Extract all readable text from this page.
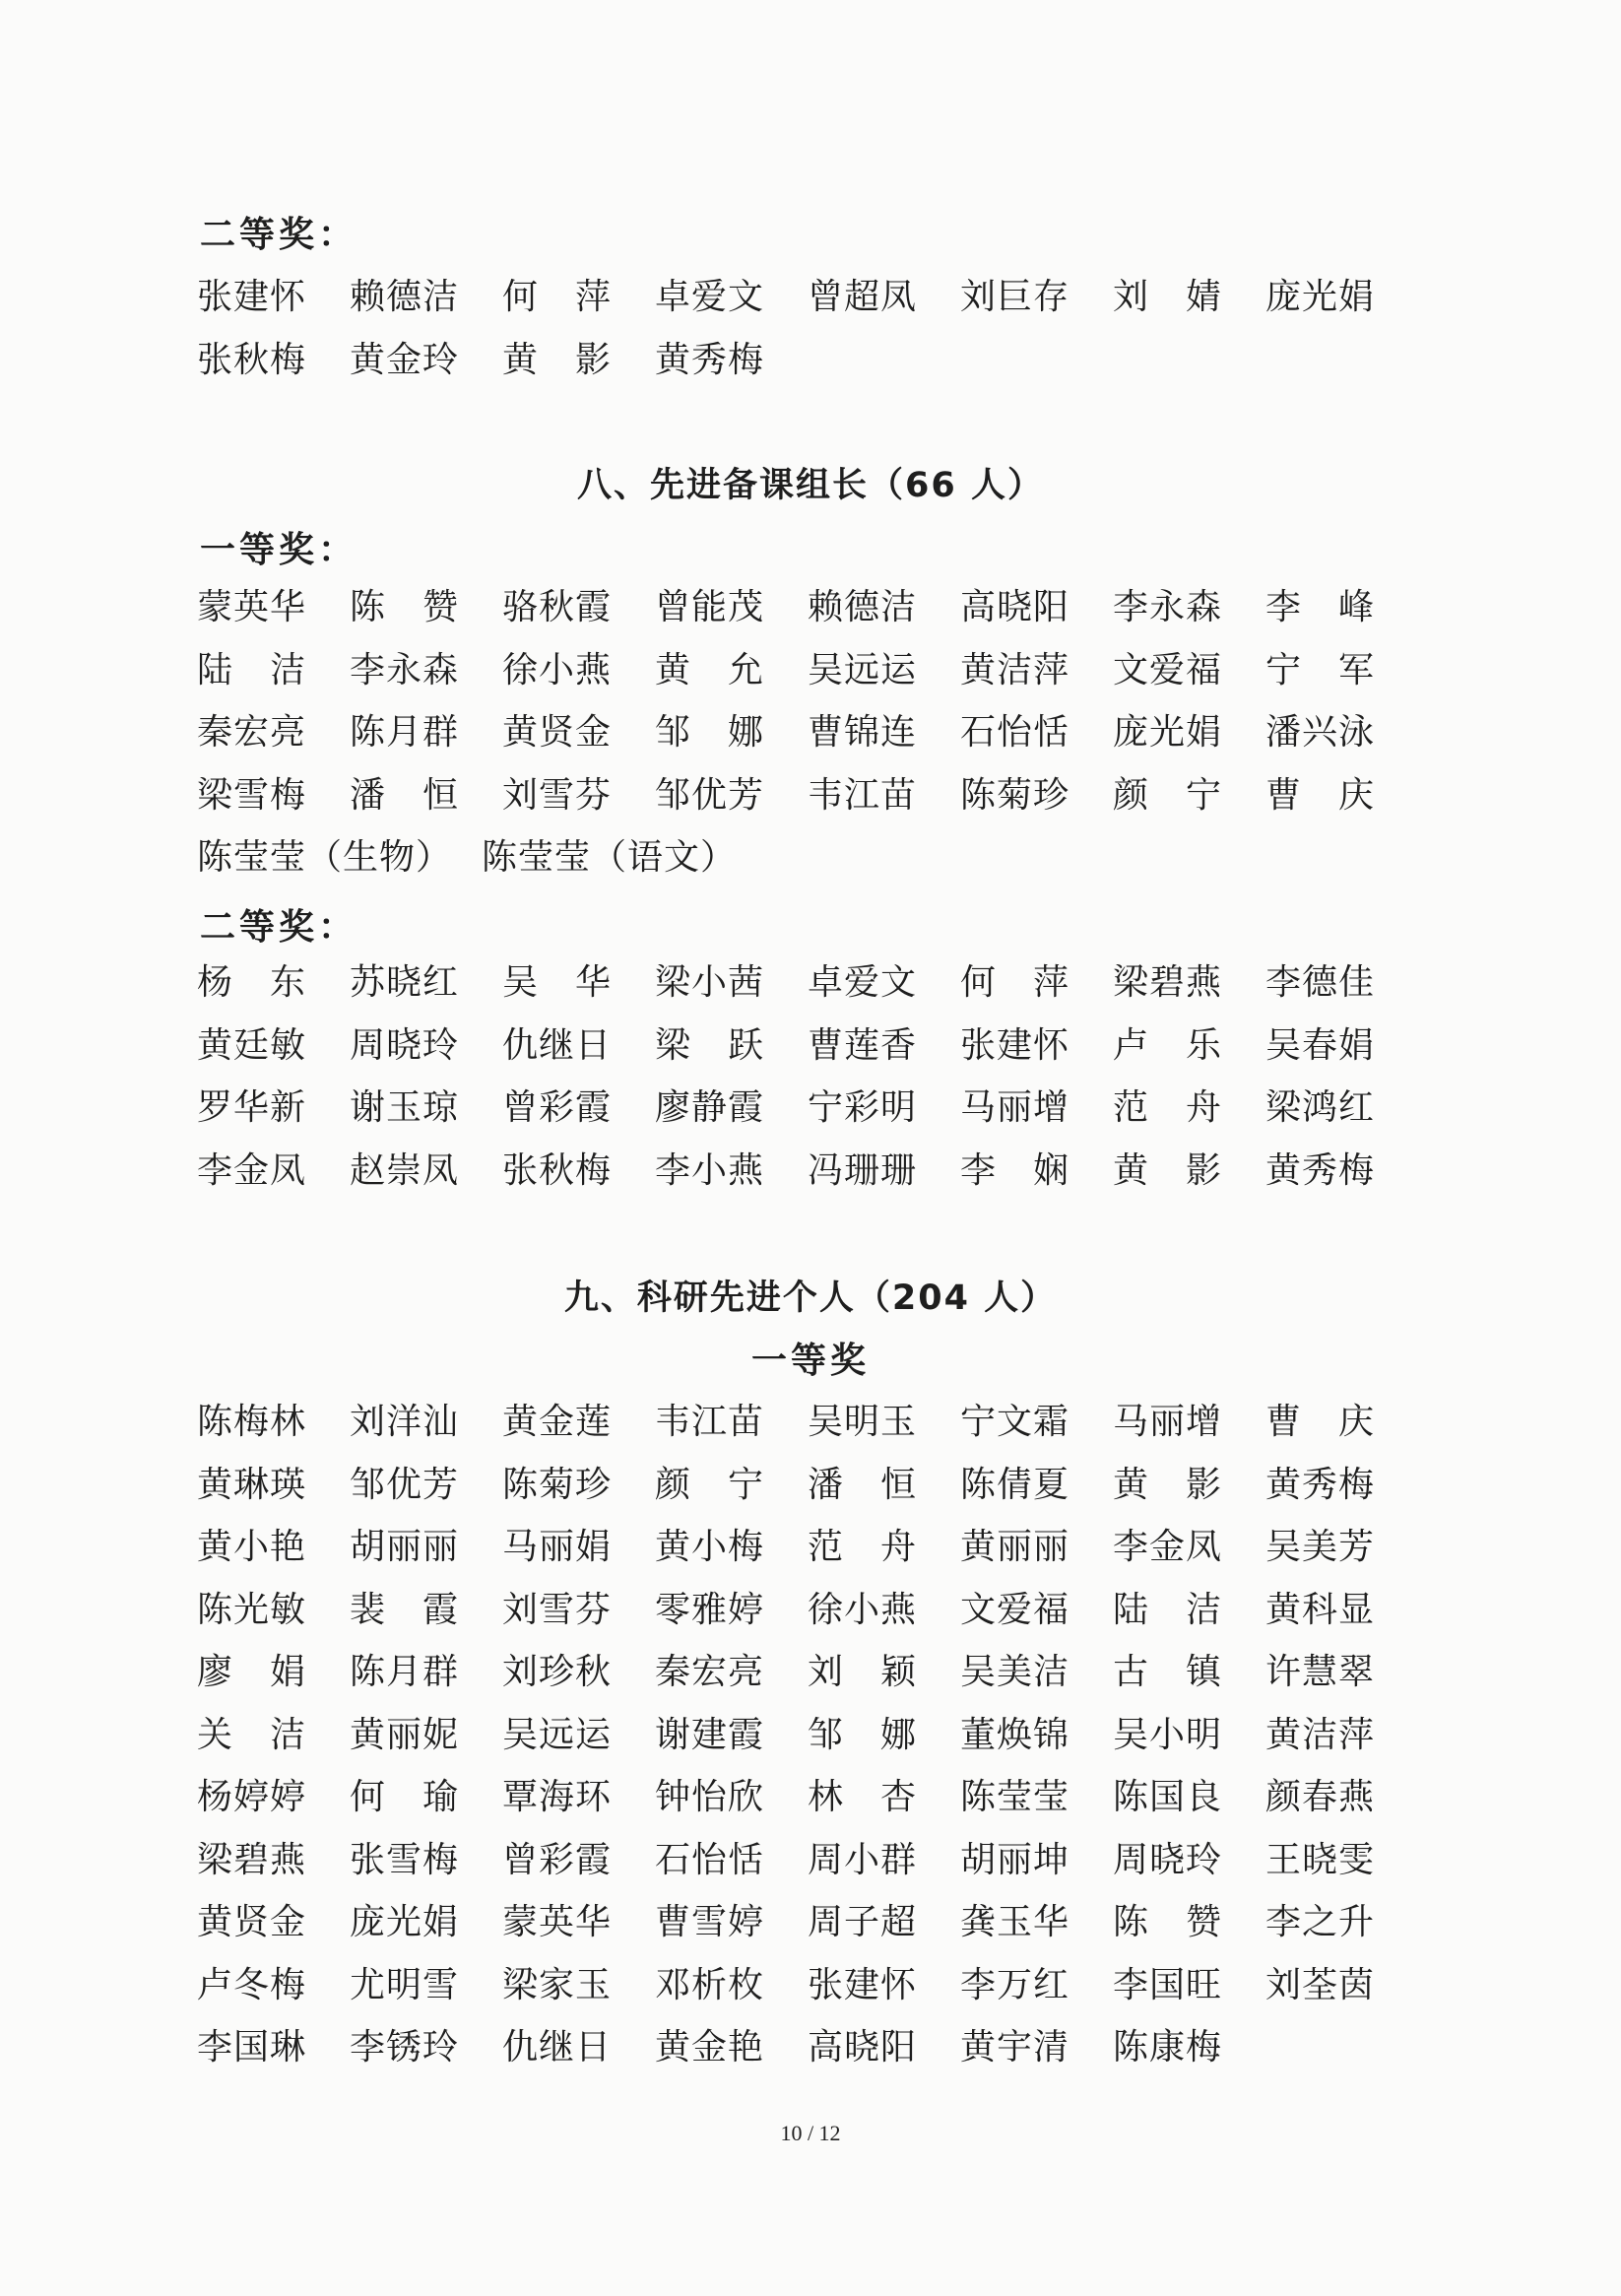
二等奖：
张建怀	赖德洁	何　萍	卓爱文	曾超凤	刘巨存	刘　婧	庞光娟
张秋梅	黄金玲	黄　影	黄秀梅
八、先进备课组长（66 人）
一等奖：
蒙英华	陈　赞	骆秋霞	曾能茂	赖德洁	高晓阳	李永森	李　峰
陆　洁	李永森	徐小燕	黄　允	吴远运	黄洁萍	文爱福	宁　军
秦宏亮	陈月群	黄贤金	邹　娜	曹锦连	石怡恬	庞光娟	潘兴泳
梁雪梅	潘　恒	刘雪芬	邹优芳	韦江苗	陈菊珍	颜　宁	曹　庆
陈莹莹（生物） 陈莹莹（语文）
二等奖：
杨　东	苏晓红	吴　华	梁小茜	卓爱文	何　萍	梁碧燕	李德佳
黄廷敏	周晓玲	仇继日	梁　跃	曹莲香	张建怀	卢　乐	吴春娟
罗华新	谢玉琼	曾彩霞	廖静霞	宁彩明	马丽增	范　舟	梁鸿红
李金凤	赵崇凤	张秋梅	李小燕	冯珊珊	李　娴	黄　影	黄秀梅
九、科研先进个人（204 人）
一等奖
陈梅林	刘洋汕	黄金莲	韦江苗	吴明玉	宁文霜	马丽增	曹　庆
黄琳瑛	邹优芳	陈菊珍	颜　宁	潘　恒	陈倩夏	黄　影	黄秀梅
黄小艳	胡丽丽	马丽娟	黄小梅	范　舟	黄丽丽	李金凤	吴美芳
陈光敏	裴　霞	刘雪芬	零雅婷	徐小燕	文爱福	陆　洁	黄科显
廖　娟	陈月群	刘珍秋	秦宏亮	刘　颖	吴美洁	古　镇	许慧翠
关　洁	黄丽妮	吴远运	谢建霞	邹　娜	董焕锦	吴小明	黄洁萍
杨婷婷	何　瑜	覃海环	钟怡欣	林　杏	陈莹莹	陈国良	颜春燕
梁碧燕	张雪梅	曾彩霞	石怡恬	周小群	胡丽坤	周晓玲	王晓雯
黄贤金	庞光娟	蒙英华	曹雪婷	周子超	龚玉华	陈　赞	李之升
卢冬梅	尤明雪	梁家玉	邓析枚	张建怀	李万红	李国旺	刘荃茵
李国琳	李锈玲	仇继日	黄金艳	高晓阳	黄宇清	陈康梅
10 / 12
